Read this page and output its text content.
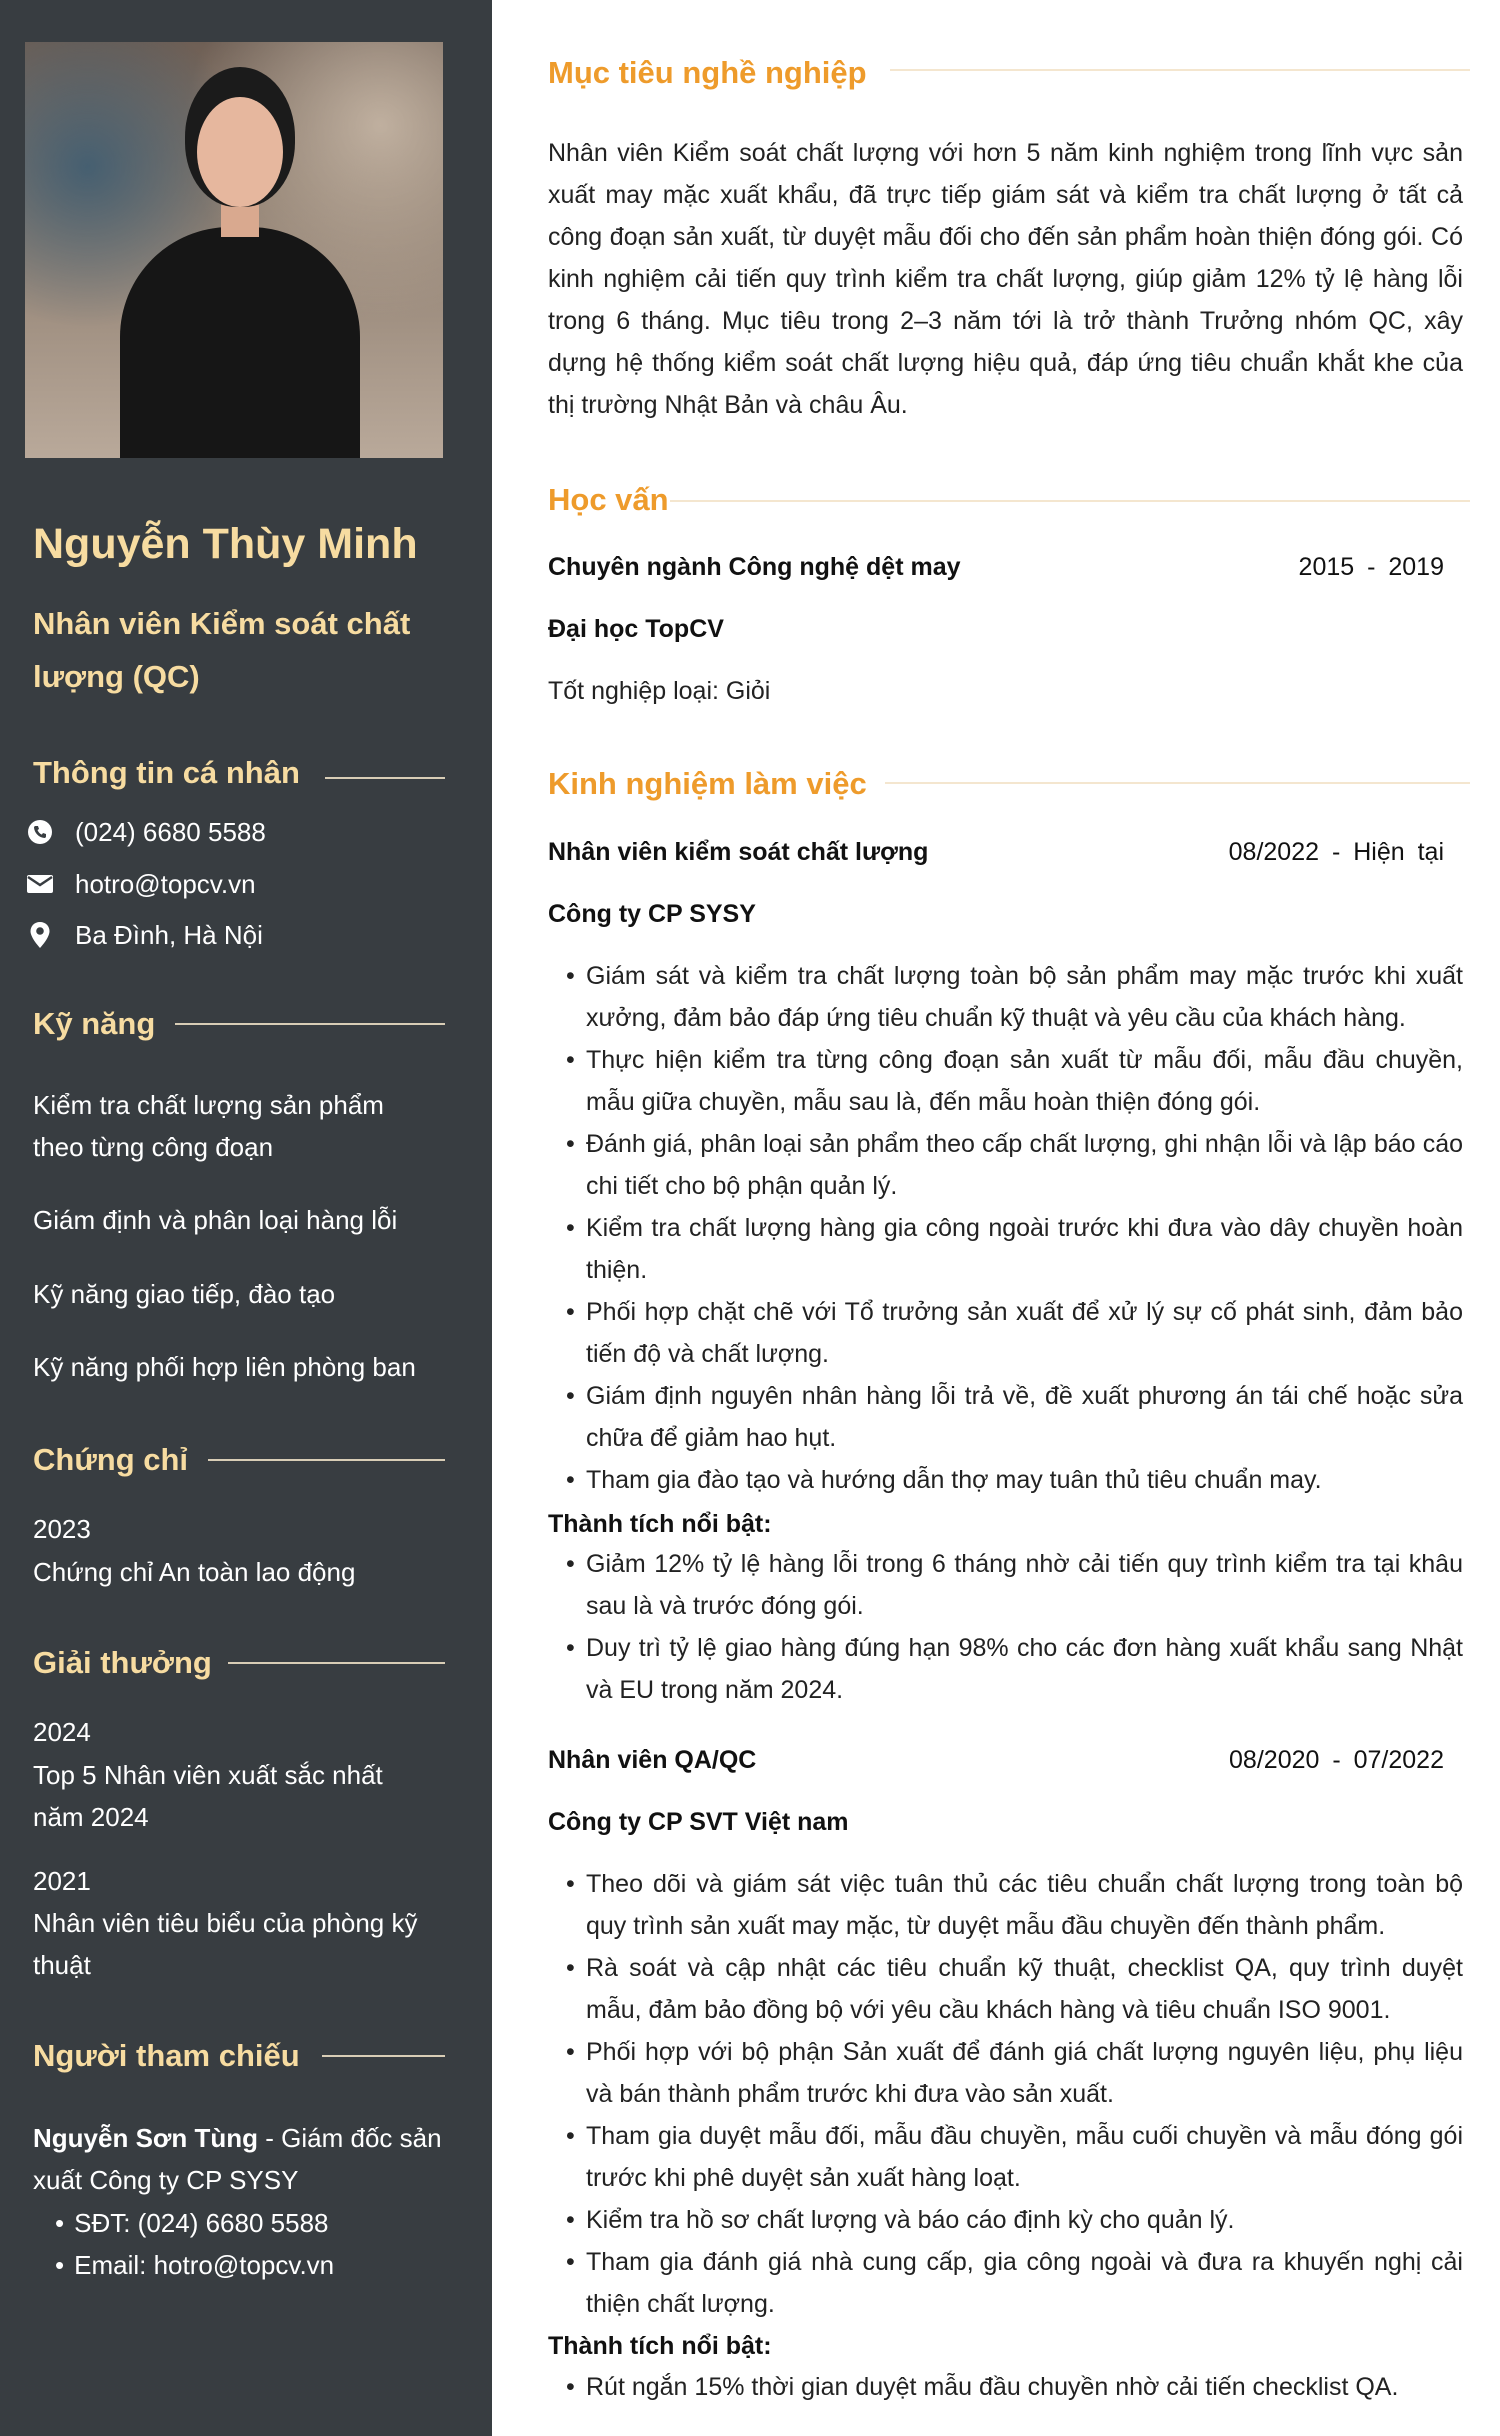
Nguyễn Thùy Minh
Nhân viên Kiểm soát chất lượng (QC)
Thông tin cá nhân
(024) 6680 5588
hotro@topcv.vn
Ba Đình, Hà Nội
Kỹ năng
Kiểm tra chất lượng sản phẩm theo từng công đoạn
Giám định và phân loại hàng lỗi
Kỹ năng giao tiếp, đào tạo
Kỹ năng phối hợp liên phòng ban
Chứng chỉ
2023
Chứng chỉ An toàn lao động
Giải thưởng
2024
Top 5 Nhân viên xuất sắc nhất năm 2024
2021
Nhân viên tiêu biểu của phòng kỹ thuật
Người tham chiếu
Nguyễn Sơn Tùng - Giám đốc sản xuất Công ty CP SYSY
• SĐT: (024) 6680 5588
• Email: hotro@topcv.vn
Mục tiêu nghề nghiệp
Nhân viên Kiểm soát chất lượng với hơn 5 năm kinh nghiệm trong lĩnh vực sản xuất may mặc xuất khẩu, đã trực tiếp giám sát và kiểm tra chất lượng ở tất cả công đoạn sản xuất, từ duyệt mẫu đối cho đến sản phẩm hoàn thiện đóng gói. Có kinh nghiệm cải tiến quy trình kiểm tra chất lượng, giúp giảm 12% tỷ lệ hàng lỗi trong 6 tháng. Mục tiêu trong 2–3 năm tới là trở thành Trưởng nhóm QC, xây dựng hệ thống kiểm soát chất lượng hiệu quả, đáp ứng tiêu chuẩn khắt khe của thị trường Nhật Bản và châu Âu.
Học vấn
Chuyên ngành Công nghệ dệt may	2015 - 2019
Đại học TopCV
Tốt nghiệp loại: Giỏi
Kinh nghiệm làm việc
Nhân viên kiểm soát chất lượng	08/2022 - Hiện tại
Công ty CP SYSY
• Giám sát và kiểm tra chất lượng toàn bộ sản phẩm may mặc trước khi xuất xưởng, đảm bảo đáp ứng tiêu chuẩn kỹ thuật và yêu cầu của khách hàng.
• Thực hiện kiểm tra từng công đoạn sản xuất từ mẫu đối, mẫu đầu chuyền, mẫu giữa chuyền, mẫu sau là, đến mẫu hoàn thiện đóng gói.
• Đánh giá, phân loại sản phẩm theo cấp chất lượng, ghi nhận lỗi và lập báo cáo chi tiết cho bộ phận quản lý.
• Kiểm tra chất lượng hàng gia công ngoài trước khi đưa vào dây chuyền hoàn thiện.
• Phối hợp chặt chẽ với Tổ trưởng sản xuất để xử lý sự cố phát sinh, đảm bảo tiến độ và chất lượng.
• Giám định nguyên nhân hàng lỗi trả về, đề xuất phương án tái chế hoặc sửa chữa để giảm hao hụt.
• Tham gia đào tạo và hướng dẫn thợ may tuân thủ tiêu chuẩn may.
Thành tích nổi bật:
• Giảm 12% tỷ lệ hàng lỗi trong 6 tháng nhờ cải tiến quy trình kiểm tra tại khâu sau là và trước đóng gói.
• Duy trì tỷ lệ giao hàng đúng hạn 98% cho các đơn hàng xuất khẩu sang Nhật và EU trong năm 2024.
Nhân viên QA/QC	08/2020 - 07/2022
Công ty CP SVT Việt nam
• Theo dõi và giám sát việc tuân thủ các tiêu chuẩn chất lượng trong toàn bộ quy trình sản xuất may mặc, từ duyệt mẫu đầu chuyền đến thành phẩm.
• Rà soát và cập nhật các tiêu chuẩn kỹ thuật, checklist QA, quy trình duyệt mẫu, đảm bảo đồng bộ với yêu cầu khách hàng và tiêu chuẩn ISO 9001.
• Phối hợp với bộ phận Sản xuất để đánh giá chất lượng nguyên liệu, phụ liệu và bán thành phẩm trước khi đưa vào sản xuất.
• Tham gia duyệt mẫu đối, mẫu đầu chuyền, mẫu cuối chuyền và mẫu đóng gói trước khi phê duyệt sản xuất hàng loạt.
• Kiểm tra hồ sơ chất lượng và báo cáo định kỳ cho quản lý.
• Tham gia đánh giá nhà cung cấp, gia công ngoài và đưa ra khuyến nghị cải thiện chất lượng.
Thành tích nổi bật:
• Rút ngắn 15% thời gian duyệt mẫu đầu chuyền nhờ cải tiến checklist QA.
